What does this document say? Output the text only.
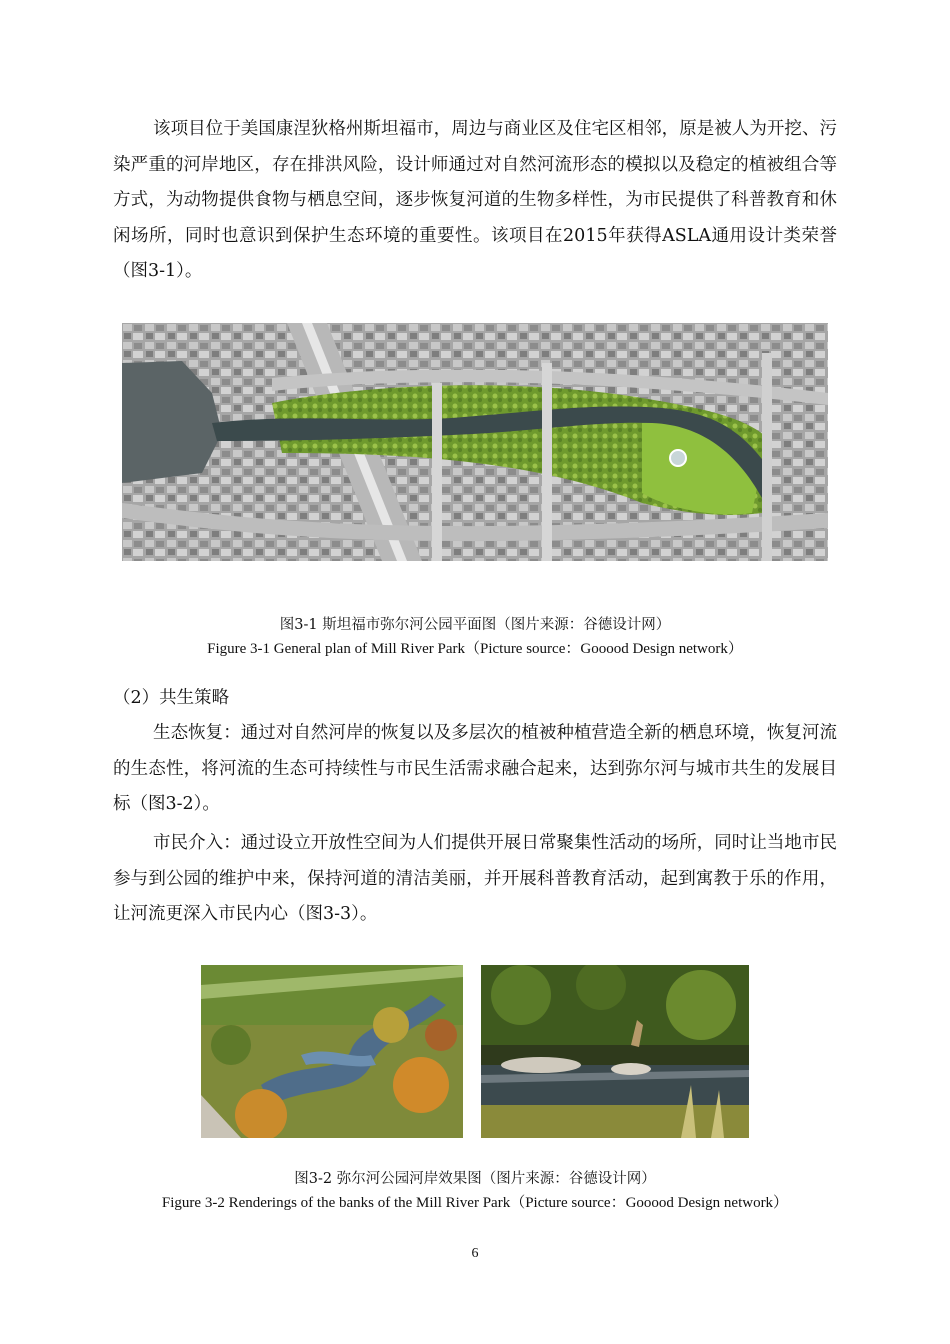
该项目位于美国康涅狄格州斯坦福市，周边与商业区及住宅区相邻，原是被人为开挖、污染严重的河岸地区，存在排洪风险，设计师通过对自然河流形态的模拟以及稳定的植被组合等方式，为动物提供食物与栖息空间，逐步恢复河道的生物多样性，为市民提供了科普教育和休闲场所，同时也意识到保护生态环境的重要性。该项目在2015年获得ASLA通用设计类荣誉（图3-1）。

图3-1 斯坦福市弥尔河公园平面图（图片来源：谷德设计网）

Figure 3-1 General plan of Mill River Park（Picture source：Gooood Design network）

（2）共生策略

生态恢复：通过对自然河岸的恢复以及多层次的植被种植营造全新的栖息环境，恢复河流的生态性，将河流的生态可持续性与市民生活需求融合起来，达到弥尔河与城市共生的发展目标（图3-2）。

市民介入：通过设立开放性空间为人们提供开展日常聚集性活动的场所，同时让当地市民参与到公园的维护中来，保持河道的清洁美丽，并开展科普教育活动，起到寓教于乐的作用，让河流更深入市民内心（图3-3）。

图3-2 弥尔河公园河岸效果图（图片来源：谷德设计网）

Figure 3-2 Renderings of the banks of the Mill River Park（Picture source：Gooood Design network）

6
